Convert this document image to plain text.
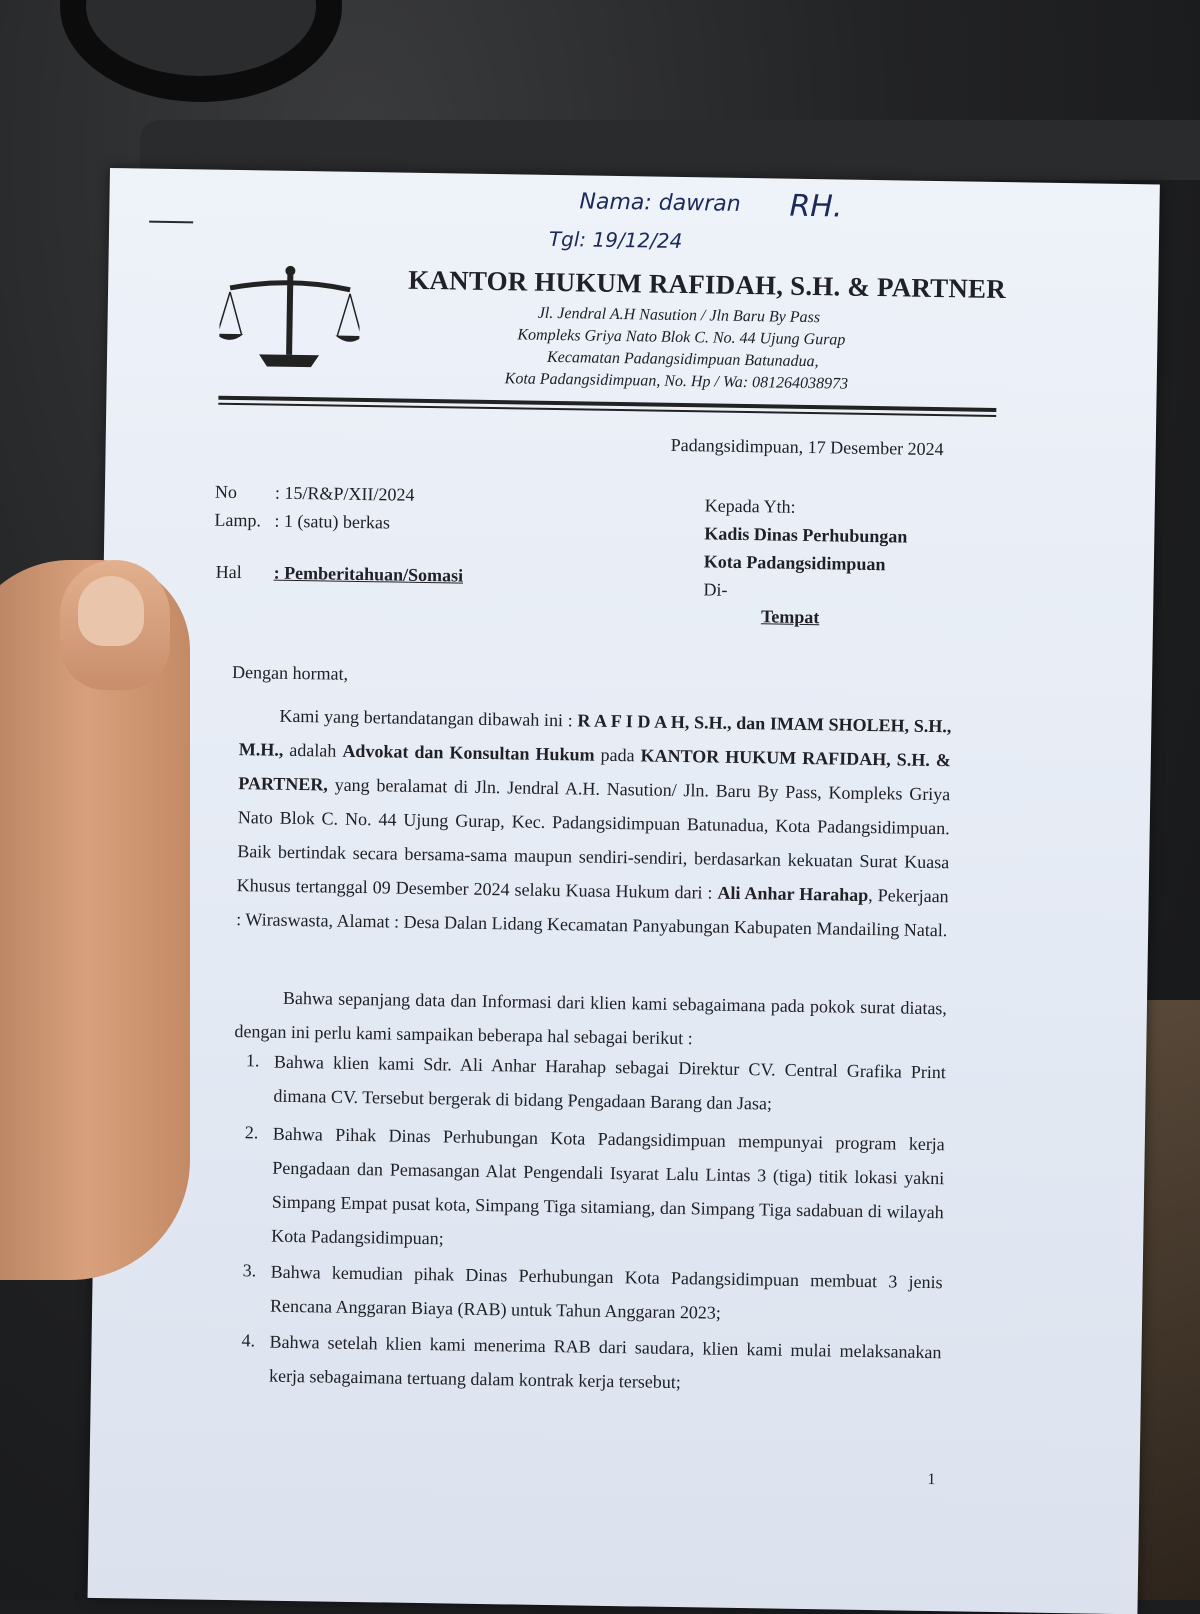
Nama: dawran
Tgl: 19/12/24
RH.
KANTOR HUKUM RAFIDAH, S.H. & PARTNER
Jl. Jendral A.H Nasution / Jln Baru By Pass
Kompleks Griya Nato Blok C. No. 44 Ujung Gurap
Kecamatan Padangsidimpuan Batunadua,
Kota Padangsidimpuan, No. Hp / Wa: 081264038973
Padangsidimpuan, 17 Desember 2024
No : 15/R&P/XII/2024
Lamp. : 1 (satu) berkas
Hal : Pemberitahuan/Somasi
Kepada Yth:
Kadis Dinas Perhubungan
Kota Padangsidimpuan
Di-
Tempat
Dengan hormat,
Kami yang bertandatangan dibawah ini : R A F I D A H, S.H., dan IMAM SHOLEH, S.H., M.H., adalah Advokat dan Konsultan Hukum pada KANTOR HUKUM RAFIDAH, S.H. & PARTNER, yang beralamat di Jln. Jendral A.H. Nasution/ Jln. Baru By Pass, Kompleks Griya Nato Blok C. No. 44 Ujung Gurap, Kec. Padangsidimpuan Batunadua, Kota Padangsidimpuan. Baik bertindak secara bersama-sama maupun sendiri-sendiri, berdasarkan kekuatan Surat Kuasa Khusus tertanggal 09 Desember 2024 selaku Kuasa Hukum dari : Ali Anhar Harahap, Pekerjaan : Wiraswasta, Alamat : Desa Dalan Lidang Kecamatan Panyabungan Kabupaten Mandailing Natal.
Bahwa sepanjang data dan Informasi dari klien kami sebagaimana pada pokok surat diatas, dengan ini perlu kami sampaikan beberapa hal sebagai berikut :
1. Bahwa klien kami Sdr. Ali Anhar Harahap sebagai Direktur CV. Central Grafika Print dimana CV. Tersebut bergerak di bidang Pengadaan Barang dan Jasa;
2. Bahwa Pihak Dinas Perhubungan Kota Padangsidimpuan mempunyai program kerja Pengadaan dan Pemasangan Alat Pengendali Isyarat Lalu Lintas 3 (tiga) titik lokasi yakni Simpang Empat pusat kota, Simpang Tiga sitamiang, dan Simpang Tiga sadabuan di wilayah Kota Padangsidimpuan;
3. Bahwa kemudian pihak Dinas Perhubungan Kota Padangsidimpuan membuat 3 jenis Rencana Anggaran Biaya (RAB) untuk Tahun Anggaran 2023;
4. Bahwa setelah klien kami menerima RAB dari saudara, klien kami mulai melaksanakan kerja sebagaimana tertuang dalam kontrak kerja tersebut;
1
